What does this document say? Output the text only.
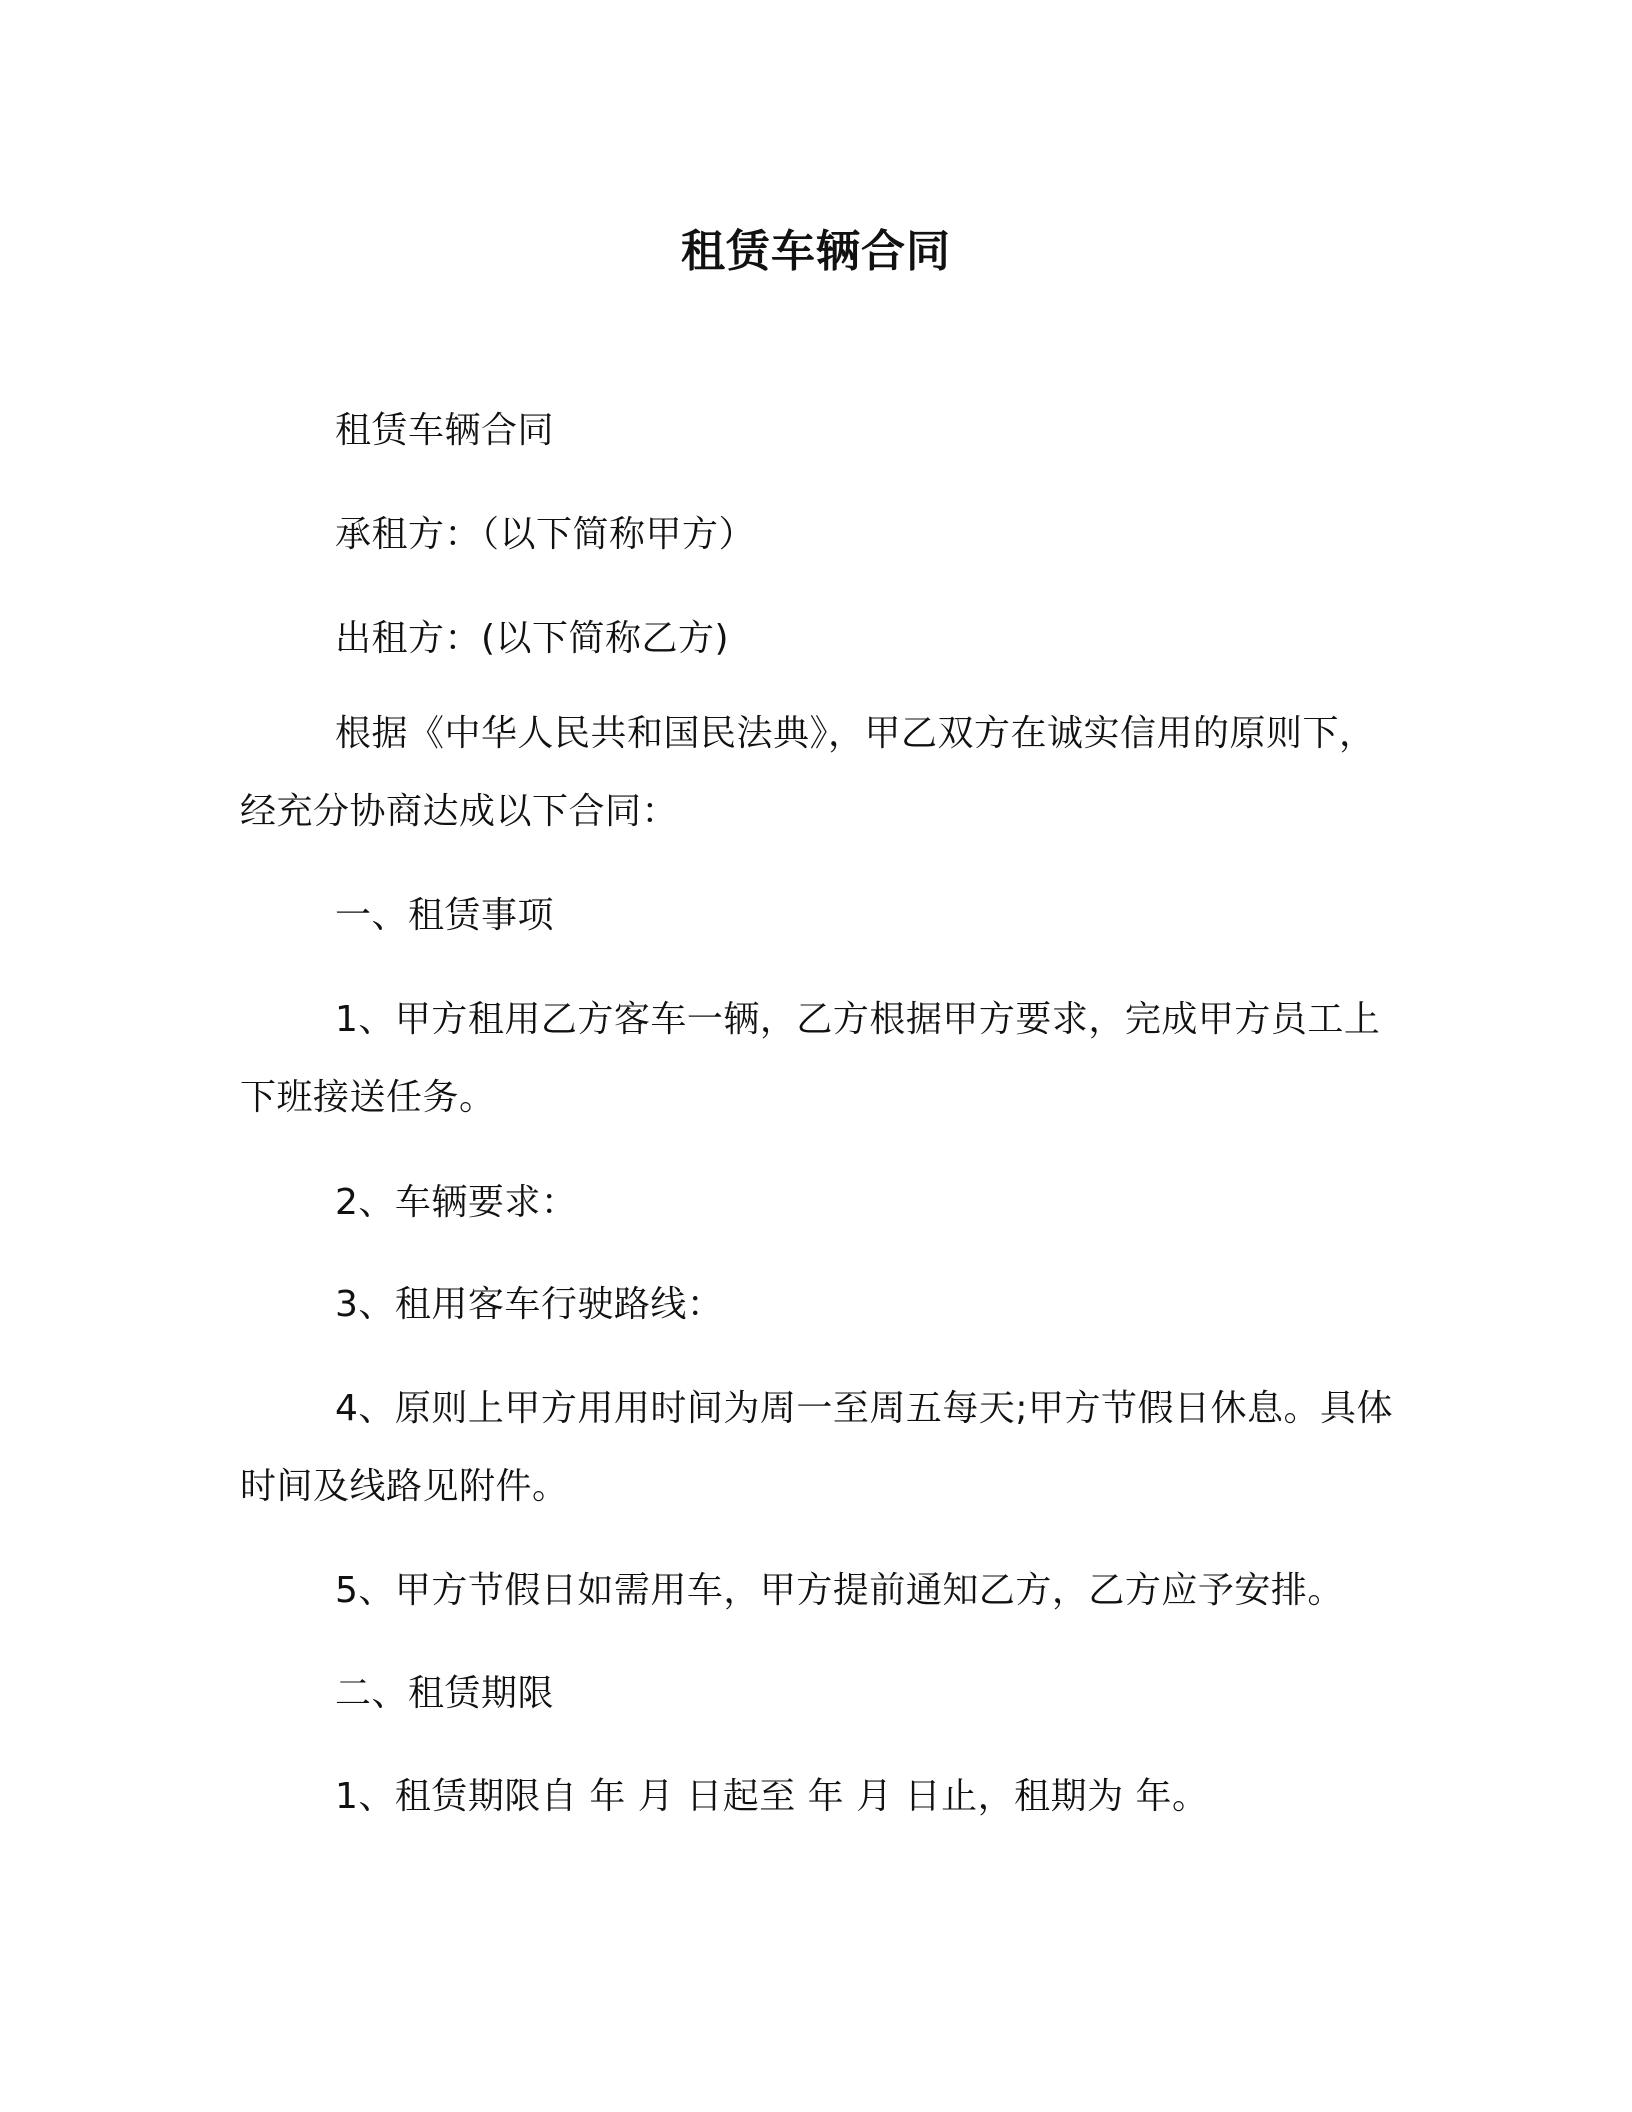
租赁车辆合同
租赁车辆合同
承租方：（以下简称甲方）
出租方：(以下简称乙方)
根据《中华人民共和国民法典》，甲乙双方在诚实信用的原则下，经充分协商达成以下合同：
一、租赁事项
1、甲方租用乙方客车一辆，乙方根据甲方要求，完成甲方员工上下班接送任务。
2、车辆要求：
3、租用客车行驶路线：
4、原则上甲方用用时间为周一至周五每天;甲方节假日休息。具体时间及线路见附件。
5、甲方节假日如需用车，甲方提前通知乙方，乙方应予安排。
二、租赁期限
1、租赁期限自 年 月 日起至 年 月 日止，租期为 年。
